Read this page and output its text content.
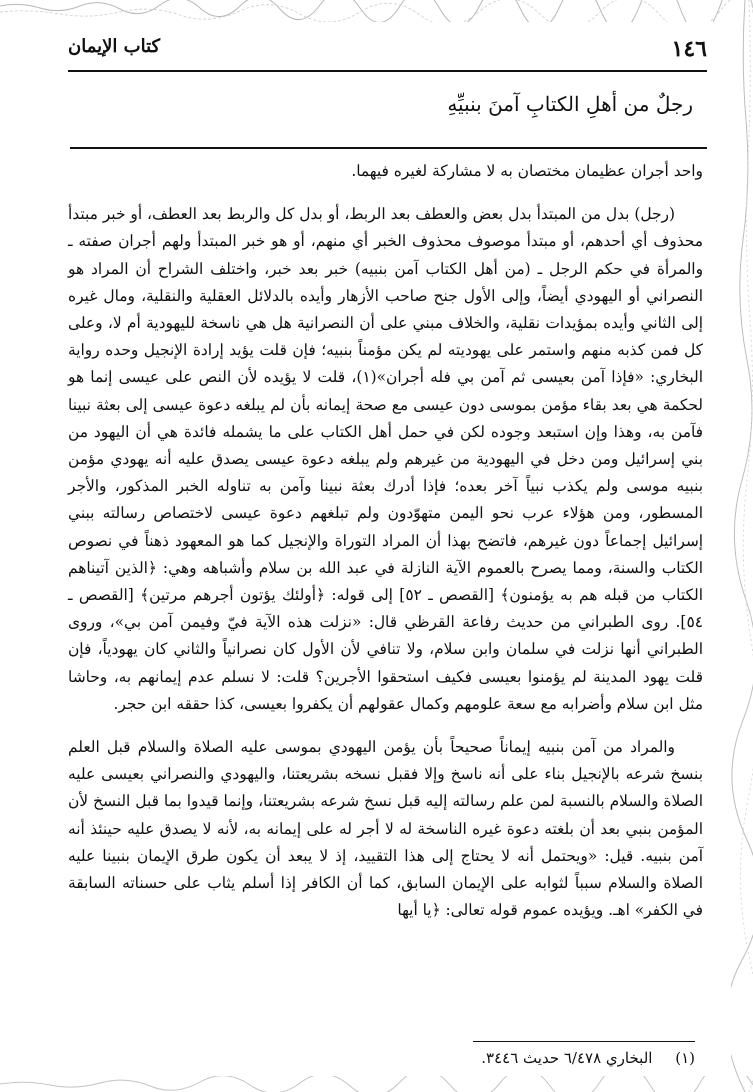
١٤٦
كتاب الإيمان
رجلٌ من أهلِ الكتابِ آمنَ بنبيِّهِ

واحد أجران عظيمان مختصان به لا مشاركة لغيره فيهما.

(رجل) بدل من المبتدأ بدل بعض والعطف بعد الربط، أو بدل كل والربط بعد العطف، أو خبر مبتدأ محذوف أي أحدهم، أو مبتدأ موصوف محذوف الخبر أي منهم، أو هو خبر المبتدأ ولهم أجران صفته ـ والمرأة في حكم الرجل ـ (من أهل الكتاب آمن بنبيه) خبر بعد خبر، واختلف الشراح أن المراد هو النصراني أو اليهودي أيضاً، وإلى الأول جنح صاحب الأزهار وأيده بالدلائل العقلية والنقلية، ومال غيره إلى الثاني وأيده بمؤيدات نقلية، والخلاف مبني على أن النصرانية هل هي ناسخة لليهودية أم لا، وعلى كل فمن كذبه منهم واستمر على يهوديته لم يكن مؤمناً بنبيه؛ فإن قلت يؤيد إرادة الإنجيل وحده رواية البخاري: «فإذا آمن بعيسى ثم آمن بي فله أجران»(١)، قلت لا يؤيده لأن النص على عيسى إنما هو لحكمة هي بعد بقاء مؤمن بموسى دون عيسى مع صحة إيمانه بأن لم يبلغه دعوة عيسى إلى بعثة نبينا فآمن به، وهذا وإن استبعد وجوده لكن في حمل أهل الكتاب على ما يشمله فائدة هي أن اليهود من بني إسرائيل ومن دخل في اليهودية من غيرهم ولم يبلغه دعوة عيسى يصدق عليه أنه يهودي مؤمن بنبيه موسى ولم يكذب نبياً آخر بعده؛ فإذا أدرك بعثة نبينا وآمن به تناوله الخبر المذكور، والأجر المسطور، ومن هؤلاء عرب نحو اليمن متهوّدون ولم تبلغهم دعوة عيسى لاختصاص رسالته ببني إسرائيل إجماعاً دون غيرهم، فاتضح بهذا أن المراد التوراة والإنجيل كما هو المعهود ذهناً في نصوص الكتاب والسنة، ومما يصرح بالعموم الآية النازلة في عبد الله بن سلام وأشباهه وهي: ﴿الذين آتيناهم الكتاب من قبله هم به يؤمنون﴾ [القصص ـ ٥٢] إلى قوله: ﴿أولئك يؤتون أجرهم مرتين﴾ [القصص ـ ٥٤]. روى الطبراني من حديث رفاعة القرظي قال: «نزلت هذه الآية فيّ وفيمن آمن بي»، وروى الطبراني أنها نزلت في سلمان وابن سلام، ولا تنافي لأن الأول كان نصرانياً والثاني كان يهودياً، فإن قلت يهود المدينة لم يؤمنوا بعيسى فكيف استحقوا الأجرين؟ قلت: لا نسلم عدم إيمانهم به، وحاشا مثل ابن سلام وأضرابه مع سعة علومهم وكمال عقولهم أن يكفروا بعيسى، كذا حققه ابن حجر.

والمراد من آمن بنبيه إيماناً صحيحاً بأن يؤمن اليهودي بموسى عليه الصلاة والسلام قبل العلم بنسخ شرعه بالإنجيل بناء على أنه ناسخ وإلا فقبل نسخه بشريعتنا، واليهودي والنصراني بعيسى عليه الصلاة والسلام بالنسبة لمن علم رسالته إليه قبل نسخ شرعه بشريعتنا، وإنما قيدوا بما قبل النسخ لأن المؤمن بنبي بعد أن بلغته دعوة غيره الناسخة له لا أجر له على إيمانه به، لأنه لا يصدق عليه حينئذ أنه آمن بنبيه. قيل: «ويحتمل أنه لا يحتاج إلى هذا التقييد، إذ لا يبعد أن يكون طرق الإيمان بنبينا عليه الصلاة والسلام سبباً لثوابه على الإيمان السابق، كما أن الكافر إذا أسلم يثاب على حسناته السابقة في الكفر» اهـ. ويؤيده عموم قوله تعالى: ﴿يا أيها

(١) البخاري ٦/٤٧٨ حديث ٣٤٤٦.
